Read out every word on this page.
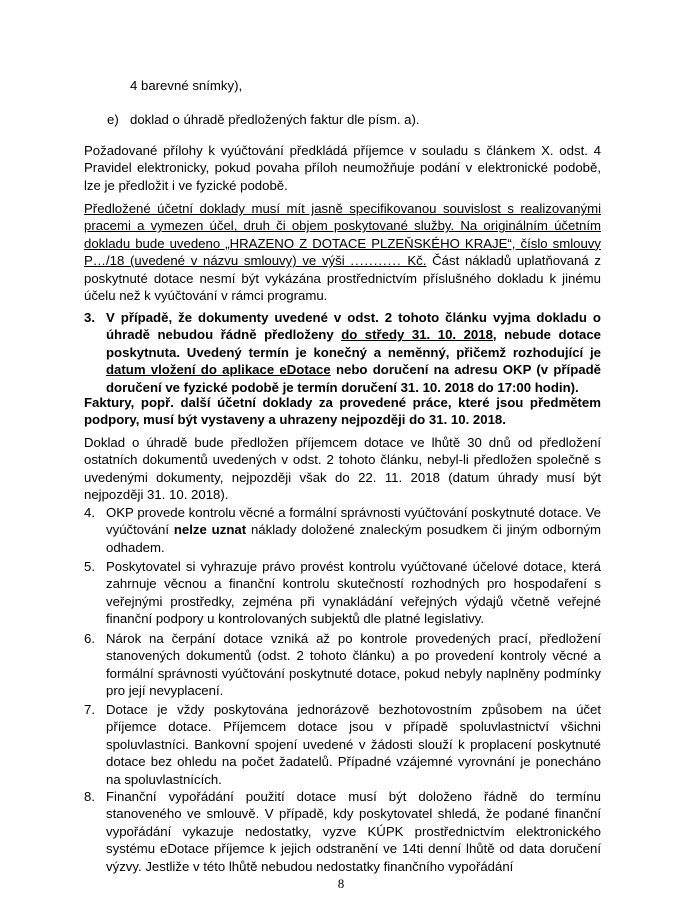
4 barevné snímky),
e) doklad o úhradě předložených faktur dle písm. a).
Požadované přílohy k vyúčtování předkládá příjemce v souladu s článkem X. odst. 4 Pravidel elektronicky, pokud povaha příloh neumožňuje podání v elektronické podobě, lze je předložit i ve fyzické podobě.
Předložené účetní doklady musí mít jasně specifikovanou souvislost s realizovanými pracemi a vymezen účel, druh či objem poskytované služby. Na originálním účetním dokladu bude uvedeno „HRAZENO Z DOTACE PLZEŇSKÉHO KRAJE“, číslo smlouvy P…/18 (uvedené v názvu smlouvy) ve výši ........... Kč. Část nákladů uplatňovaná z poskytnuté dotace nesmí být vykázána prostřednictvím příslušného dokladu k jinému účelu než k vyúčtování v rámci programu.
3. V případě, že dokumenty uvedené v odst. 2 tohoto článku vyjma dokladu o úhradě nebudou řádně předloženy do středy 31. 10. 2018, nebude dotace poskytnuta. Uvedený termín je konečný a neměnný, přičemž rozhodující je datum vložení do aplikace eDotace nebo doručení na adresu OKP (v případě doručení ve fyzické podobě je termín doručení 31. 10. 2018 do 17:00 hodin).
Faktury, popř. další účetní doklady za provedené práce, které jsou předmětem podpory, musí být vystaveny a uhrazeny nejpozději do 31. 10. 2018.
Doklad o úhradě bude předložen příjemcem dotace ve lhůtě 30 dnů od předložení ostatních dokumentů uvedených v odst. 2 tohoto článku, nebyl-li předložen společně s uvedenými dokumenty, nejpozději však do 22. 11. 2018 (datum úhrady musí být nejpozději 31. 10. 2018).
4. OKP provede kontrolu věcné a formální správnosti vyúčtování poskytnuté dotace. Ve vyúčtování nelze uznat náklady doložené znaleckým posudkem či jiným odborným odhadem.
5. Poskytovatel si vyhrazuje právo provést kontrolu vyúčtované účelové dotace, která zahrnuje věcnou a finanční kontrolu skutečností rozhodných pro hospodaření s veřejnými prostředky, zejména při vynakládání veřejných výdajů včetně veřejné finanční podpory u kontrolovaných subjektů dle platné legislativy.
6. Nárok na čerpání dotace vzniká až po kontrole provedených prací, předložení stanovených dokumentů (odst. 2 tohoto článku) a po provedení kontroly věcné a formální správnosti vyúčtování poskytnuté dotace, pokud nebyly naplněny podmínky pro její nevyplacení.
7. Dotace je vždy poskytována jednorázově bezhotovostním způsobem na účet příjemce dotace. Příjemcem dotace jsou v případě spoluvlastnictví všichni spoluvlastníci. Bankovní spojení uvedené v žádosti slouží k proplacení poskytnuté dotace bez ohledu na počet žadatelů. Případné vzájemné vyrovnání je ponecháno na spoluvlastnících.
8. Finanční vypořádání použití dotace musí být doloženo řádně do termínu stanoveného ve smlouvě. V případě, kdy poskytovatel shledá, že podané finanční vypořádání vykazuje nedostatky, vyzve KÚPK prostřednictvím elektronického systému eDotace příjemce k jejich odstranění ve 14ti denní lhůtě od data doručení výzvy. Jestliže v této lhůtě nebudou nedostatky finančního vypořádání
8
